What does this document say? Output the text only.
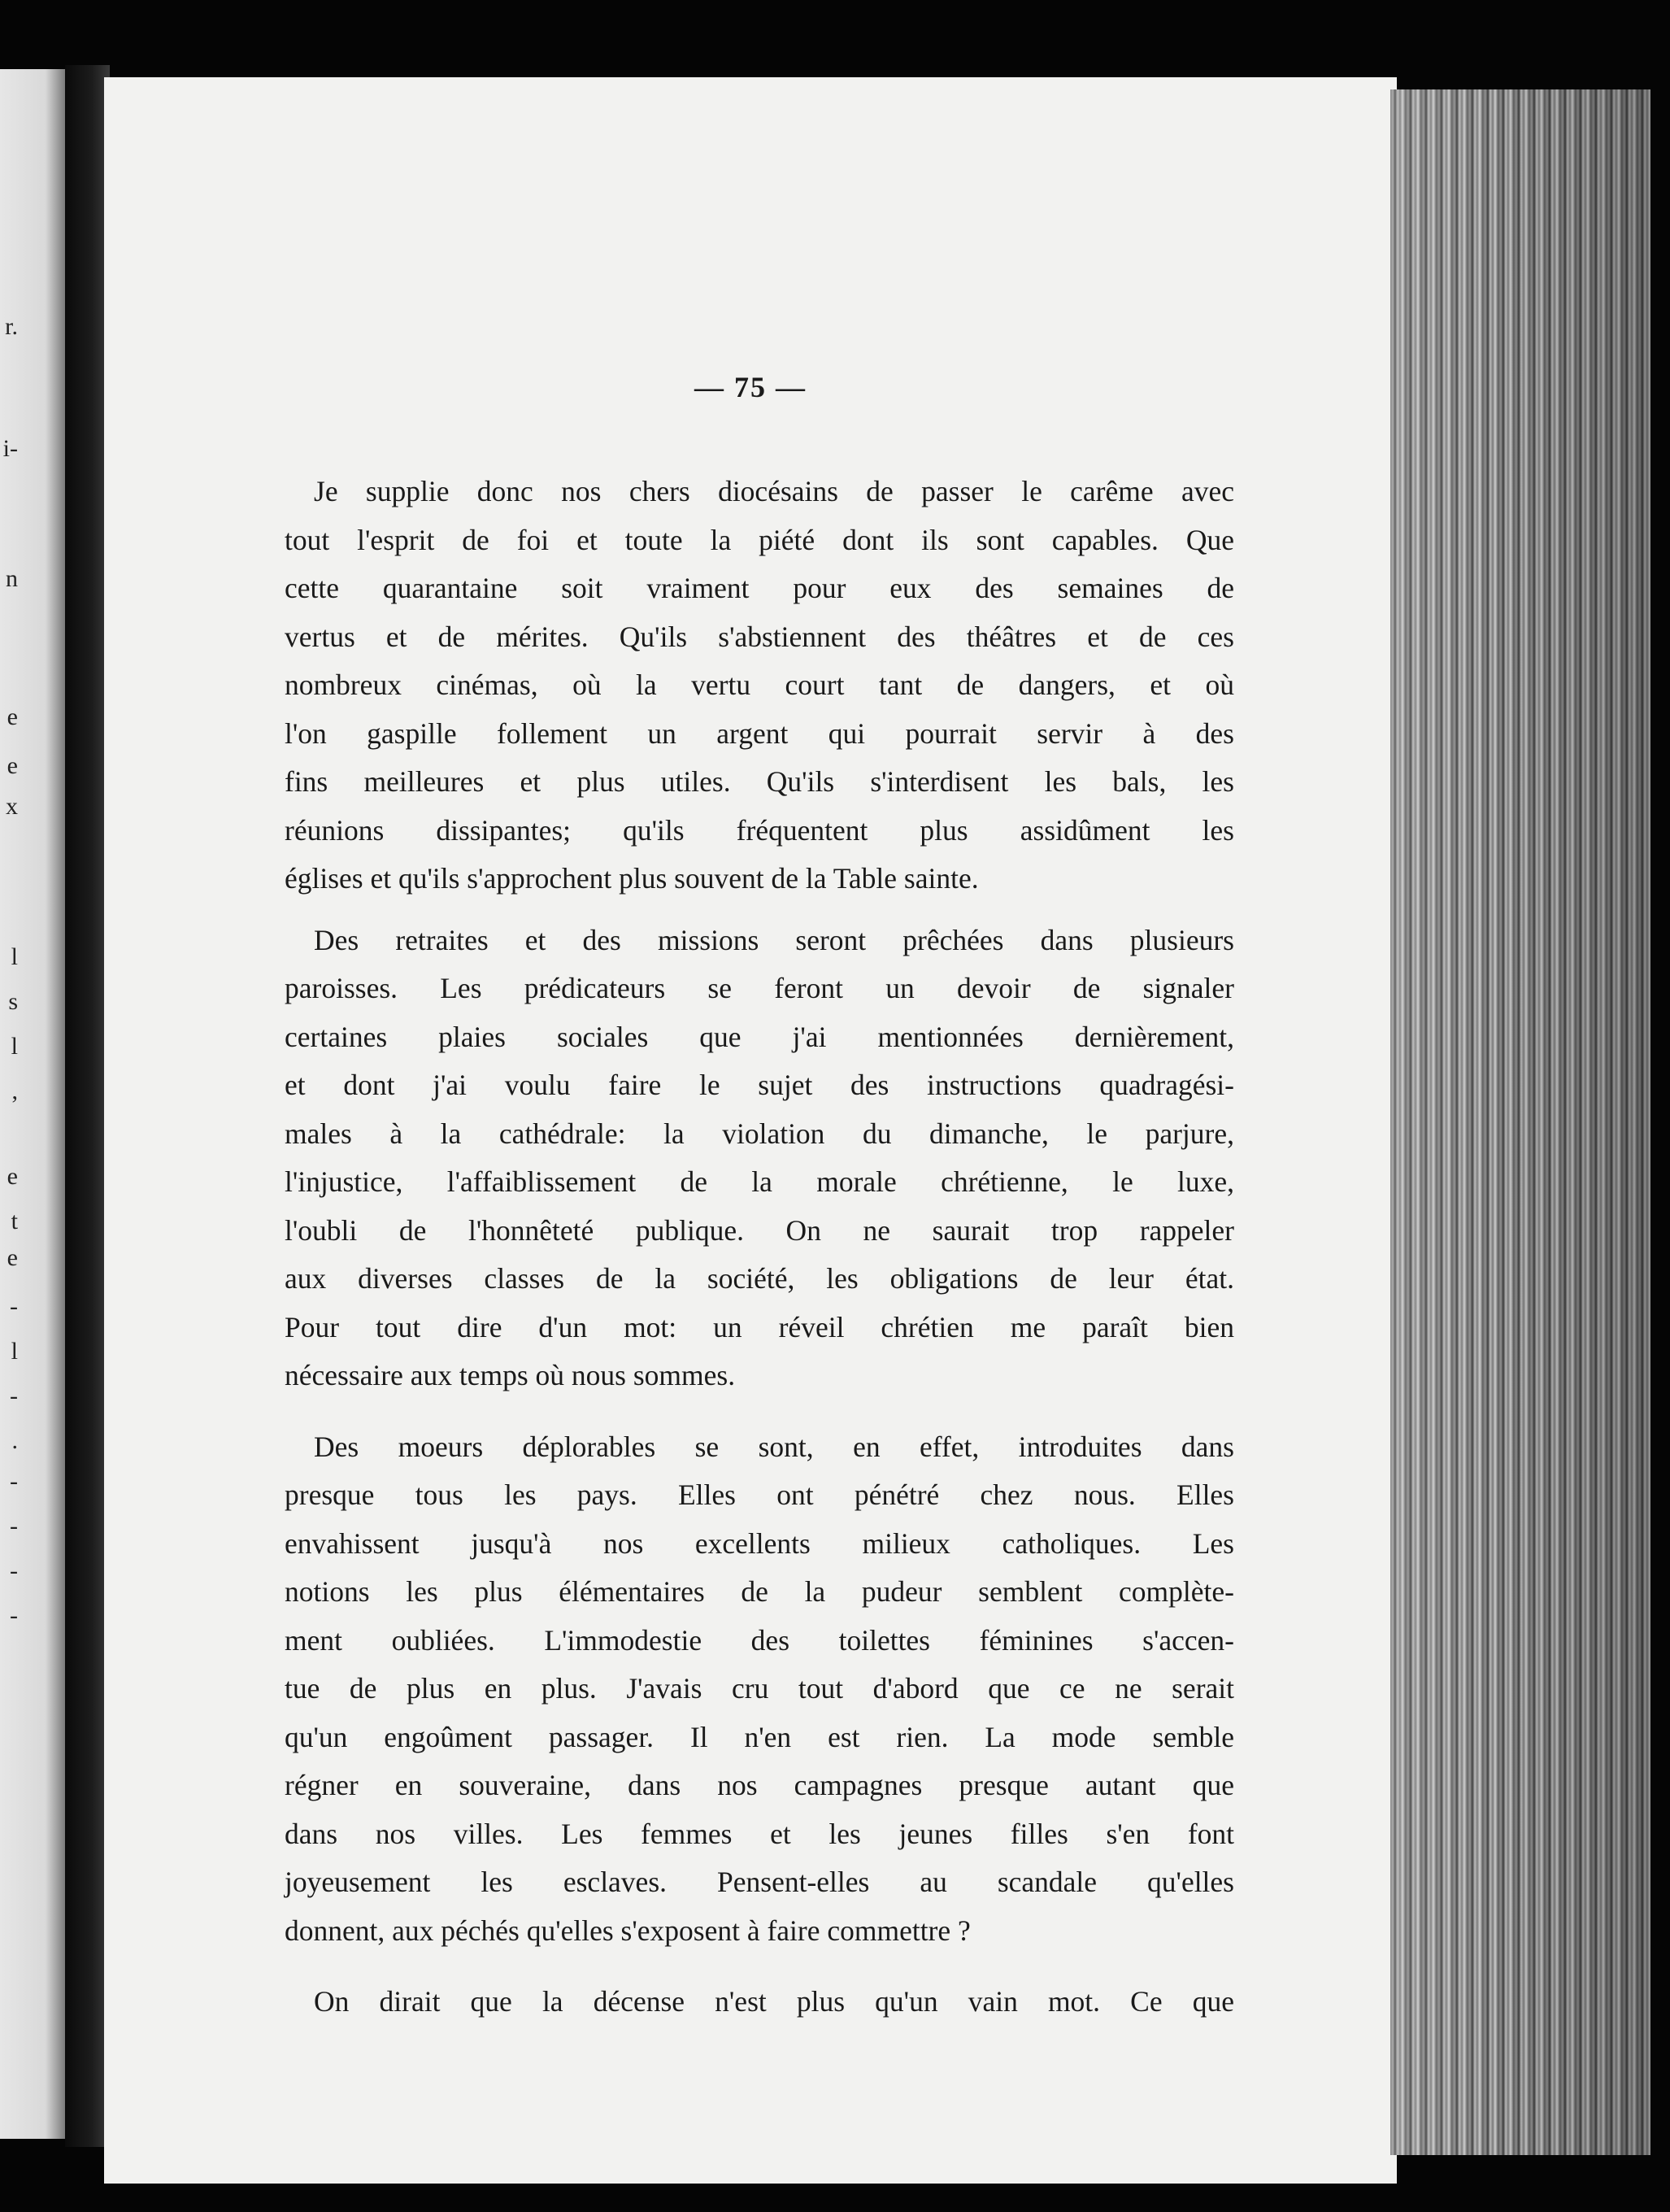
r.
i-
n
e
e
x
l
s
l
,
e
t
e
-
l
-
.
-
-
-
-
— 75 —
Je supplie donc nos chers diocésains de passer le carême avec
tout l'esprit de foi et toute la piété dont ils sont capables. Que
cette quarantaine soit vraiment pour eux des semaines de
vertus et de mérites. Qu'ils s'abstiennent des théâtres et de ces
nombreux cinémas, où la vertu court tant de dangers, et où
l'on gaspille follement un argent qui pourrait servir à des
fins meilleures et plus utiles. Qu'ils s'interdisent les bals, les
réunions dissipantes; qu'ils fréquentent plus assidûment les
églises et qu'ils s'approchent plus souvent de la Table sainte.
Des retraites et des missions seront prêchées dans plusieurs
paroisses. Les prédicateurs se feront un devoir de signaler
certaines plaies sociales que j'ai mentionnées dernièrement,
et dont j'ai voulu faire le sujet des instructions quadragési-
males à la cathédrale: la violation du dimanche, le parjure,
l'injustice, l'affaiblissement de la morale chrétienne, le luxe,
l'oubli de l'honnêteté publique. On ne saurait trop rappeler
aux diverses classes de la société, les obligations de leur état.
Pour tout dire d'un mot: un réveil chrétien me paraît bien
nécessaire aux temps où nous sommes.
Des moeurs déplorables se sont, en effet, introduites dans
presque tous les pays. Elles ont pénétré chez nous. Elles
envahissent jusqu'à nos excellents milieux catholiques. Les
notions les plus élémentaires de la pudeur semblent complète-
ment oubliées. L'immodestie des toilettes féminines s'accen-
tue de plus en plus. J'avais cru tout d'abord que ce ne serait
qu'un engoûment passager. Il n'en est rien. La mode semble
régner en souveraine, dans nos campagnes presque autant que
dans nos villes. Les femmes et les jeunes filles s'en font
joyeusement les esclaves. Pensent-elles au scandale qu'elles
donnent, aux péchés qu'elles s'exposent à faire commettre ?
On dirait que la décense n'est plus qu'un vain mot. Ce que
